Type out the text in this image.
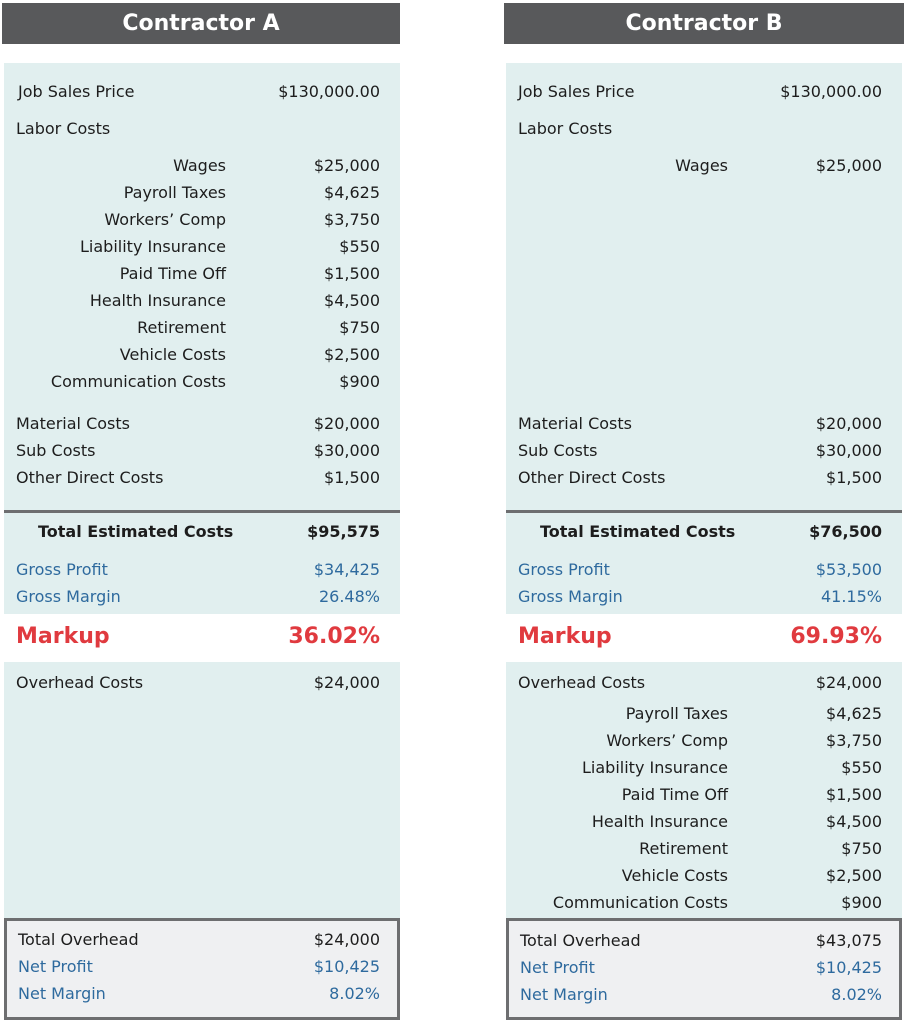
Contractor A
Job Sales Price	$130,000.00
Labor Costs
Wages	$25,000
Payroll Taxes	$4,625
Workers’ Comp	$3,750
Liability Insurance	$550
Paid Time Off	$1,500
Health Insurance	$4,500
Retirement	$750
Vehicle Costs	$2,500
Communication Costs	$900
Material Costs	$20,000
Sub Costs	$30,000
Other Direct Costs	$1,500
Total Estimated Costs	$95,575
Gross Profit	$34,425
Gross Margin	26.48%
Markup	36.02%
Overhead Costs	$24,000
Total Overhead	$24,000
Net Profit	$10,425
Net Margin	8.02%
Contractor B
Job Sales Price	$130,000.00
Labor Costs
Wages	$25,000
Material Costs	$20,000
Sub Costs	$30,000
Other Direct Costs	$1,500
Total Estimated Costs	$76,500
Gross Profit	$53,500
Gross Margin	41.15%
Markup	69.93%
Overhead Costs	$24,000
Payroll Taxes	$4,625
Workers’ Comp	$3,750
Liability Insurance	$550
Paid Time Off	$1,500
Health Insurance	$4,500
Retirement	$750
Vehicle Costs	$2,500
Communication Costs	$900
Total Overhead	$43,075
Net Profit	$10,425
Net Margin	8.02%
